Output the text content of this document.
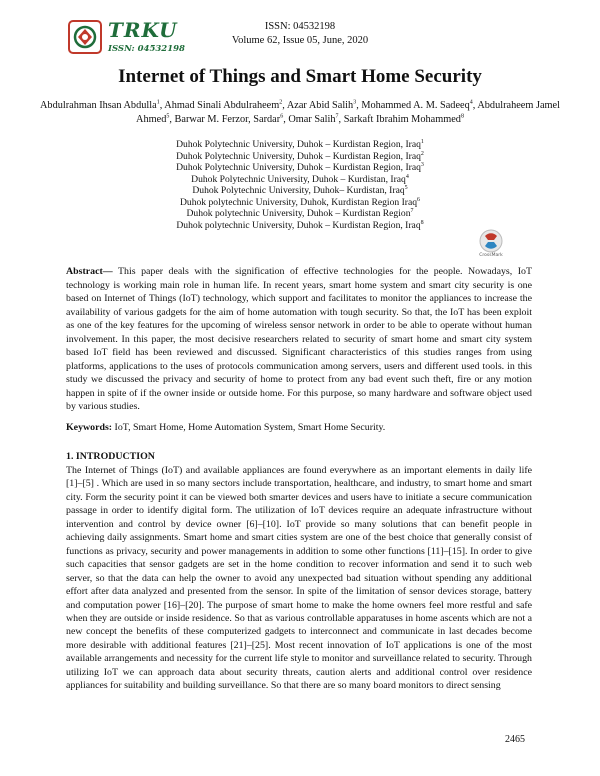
TRKU
ISSN: 04532198
ISSN: 04532198
Volume 62, Issue 05, June, 2020
Internet of Things and Smart Home Security
Abdulrahman Ihsan Abdulla$^1$, Ahmad Sinali Abdulraheem$^2$, Azar Abid Salih$^3$, Mohammed A. M. Sadeeq$^4$, Abdulraheem Jamel Ahmed$^5$, Barwar M. Ferzor, Sardar$^6$, Omar Salih$^7$, Sarkaft Ibrahim Mohammed$^8$
Duhok Polytechnic University, Duhok – Kurdistan Region, Iraq$^1$
Duhok Polytechnic University, Duhok – Kurdistan Region, Iraq$^2$
Duhok Polytechnic University, Duhok – Kurdistan Region, Iraq$^3$
Duhok Polytechnic University, Duhok – Kurdistan, Iraq$^4$
Duhok Polytechnic University, Duhok– Kurdistan, Iraq$^5$
Duhok polytechnic University, Duhok, Kurdistan Region Iraq$^6$
Duhok polytechnic University, Duhok – Kurdistan Region$^7$
Duhok polytechnic University, Duhok – Kurdistan Region, Iraq$^8$
CrossMark
Abstract— This paper deals with the signification of effective technologies for the people. Nowadays, IoT technology is working main role in human life. In recent years, smart home system and smart city security is one based on Internet of Things (IoT) technology, which support and facilitates to monitor the appliances to increase the availability of various gadgets for the aim of home automation with tough security. So that, the IoT has been exploit as one of the key features for the upcoming of wireless sensor network in order to be able to operate without human involvement. In this paper, the most decisive researchers related to security of smart home and smart city system based IoT field has been reviewed and discussed. Significant characteristics of this studies ranges from using platforms, applications to the uses of protocols communication among servers, users and different used tools. in this study we discussed the privacy and security of home to protect from any bad event such theft, fire or any motion happen in spite of if the owner inside or outside home. For this purpose, so many hardware and software object used by various studies.
Keywords: IoT, Smart Home, Home Automation System, Smart Home Security.
1. INTRODUCTION
The Internet of Things (IoT) and available appliances are found everywhere as an important elements in daily life [1]–[5] . Which are used in so many sectors include transportation, healthcare, and industry, to smart home and smart city. Form the security point it can be viewed both smarter devices and users have to initiate a secure communication passage in order to identify digital form. The utilization of IoT devices require an adequate infrastructure without intervention and control by device owner [6]–[10]. IoT provide so many solutions that can benefit people in achieving daily assignments. Smart home and smart cities system are one of the best choice that generally consist of functions as privacy, security and power managements in addition to some other functions [11]–[15]. In order to give such capacities that sensor gadgets are set in the home condition to recover information and send it to such web server, so that the data can help the owner to avoid any unexpected bad situation without spending any additional effort after data analyzed and presented from the sensor. In spite of the limitation of sensor devices storage, battery and computation power [16]–[20]. The purpose of smart home to make the home owners feel more restful and safe when they are outside or inside residence. So that as various controllable apparatuses in home ascents which are not a new concept the benefits of these computerized gadgets to interconnect and communicate in last decades become more desirable with additional features [21]–[25]. Most recent innovation of IoT applications is one of the most available arrangements and necessity for the current life style to monitor and surveillance related to security. Through utilizing IoT we can approach data about security threats, caution alerts and additional control over residence appliances for suitability and building surveillance. So that there are so many board monitors to direct sensing
2465
